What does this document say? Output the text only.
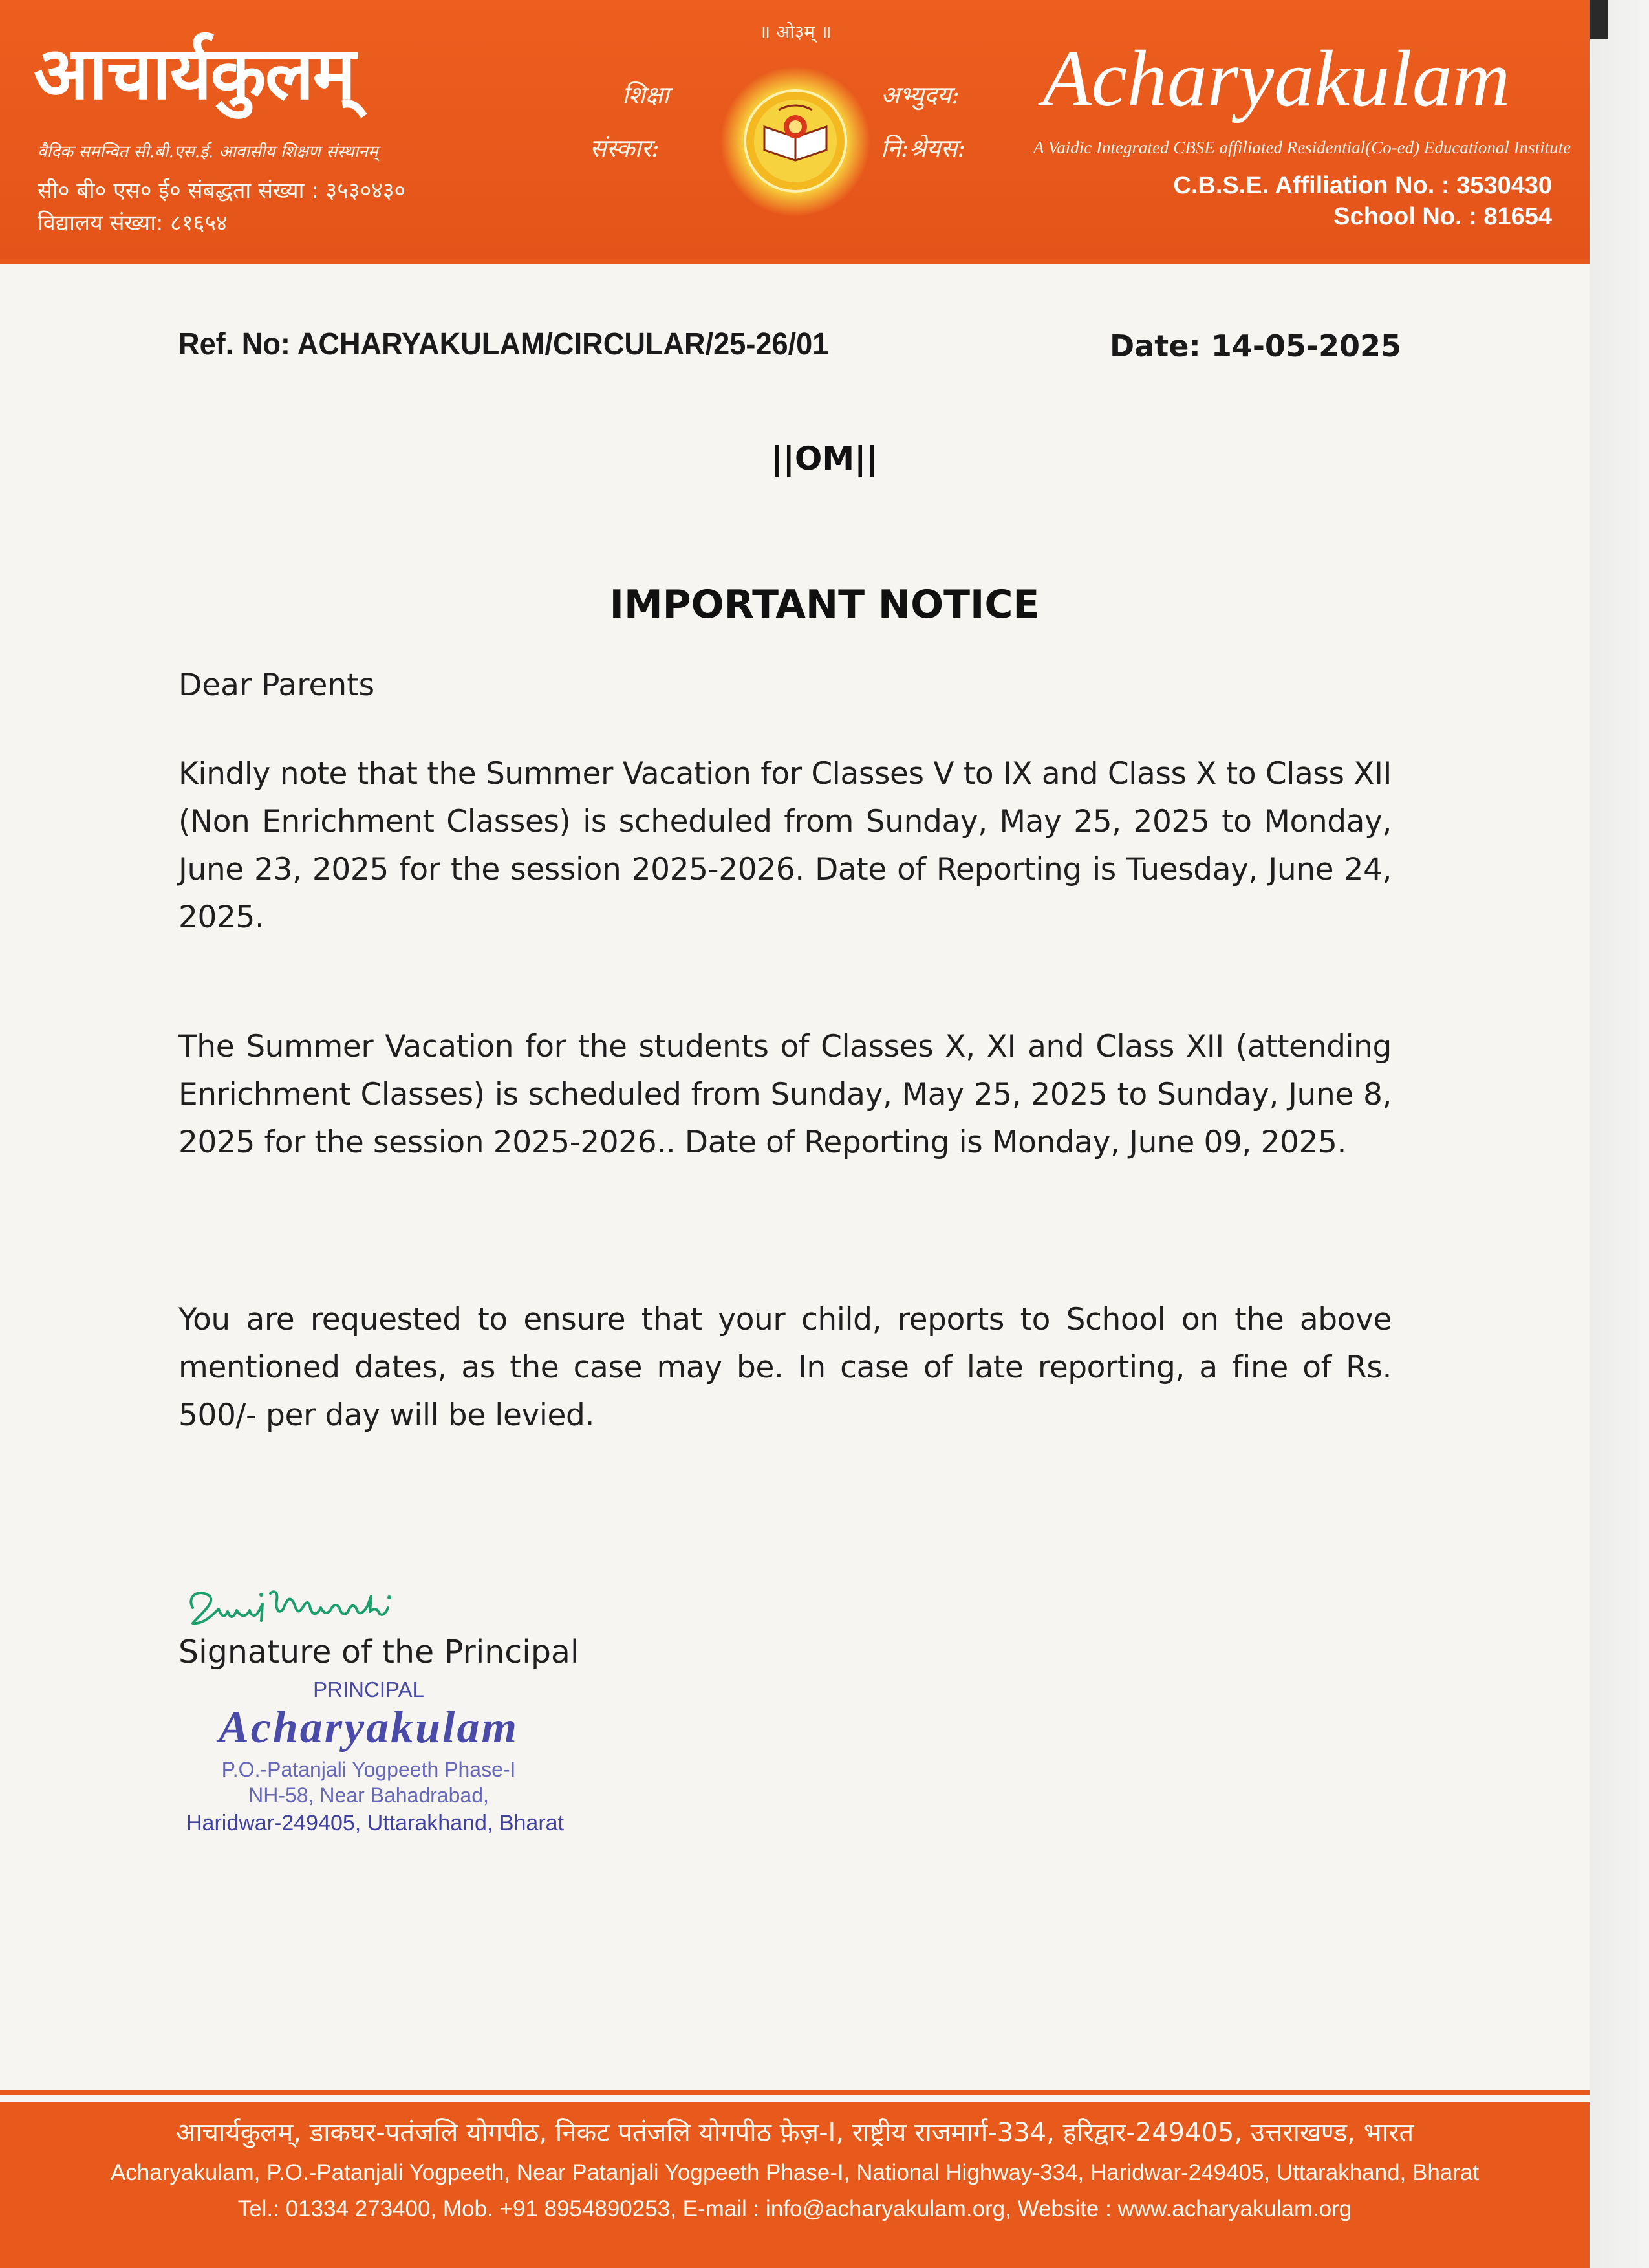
आचार्यकुलम्
वैदिक समन्वित सी.बी.एस.ई. आवासीय शिक्षण संस्थानम्
सी० बी० एस० ई० संबद्धता संख्या : ३५३०४३०
विद्यालय संख्या: ८१६५४
॥ ओ३म् ॥
शिक्षा
संस्कार:
अभ्युदय:
नि:श्रेयस:
Acharyakulam
A Vaidic Integrated CBSE affiliated Residential(Co-ed) Educational Institute
C.B.S.E. Affiliation No. : 3530430
School No. : 81654
Ref. No: ACHARYAKULAM/CIRCULAR/25-26/01	Date: 14-05-2025
||OM||
IMPORTANT NOTICE
Dear Parents
Kindly note that the Summer Vacation for Classes V to IX and Class X to Class XII (Non Enrichment Classes) is scheduled from Sunday, May 25, 2025 to Monday, June 23, 2025 for the session 2025-2026. Date of Reporting is Tuesday, June 24, 2025.
The Summer Vacation for the students of Classes X, XI and Class XII (attending Enrichment Classes) is scheduled from Sunday, May 25, 2025 to Sunday, June 8, 2025 for the session 2025-2026.. Date of Reporting is Monday, June 09, 2025.
You are requested to ensure that your child, reports to School on the above mentioned dates, as the case may be. In case of late reporting, a fine of Rs. 500/- per day will be levied.
Signature of the Principal
PRINCIPAL
Acharyakulam
P.O.-Patanjali Yogpeeth Phase-I
NH-58, Near Bahadrabad,
Haridwar-249405, Uttarakhand, Bharat
आचार्यकुलम्, डाकघर-पतंजलि योगपीठ, निकट पतंजलि योगपीठ फ़ेज़-I, राष्ट्रीय राजमार्ग-334, हरिद्वार-249405, उत्तराखण्ड, भारत
Acharyakulam, P.O.-Patanjali Yogpeeth, Near Patanjali Yogpeeth Phase-I, National Highway-334, Haridwar-249405, Uttarakhand, Bharat
Tel.: 01334 273400, Mob. +91 8954890253, E-mail : info@acharyakulam.org, Website : www.acharyakulam.org
